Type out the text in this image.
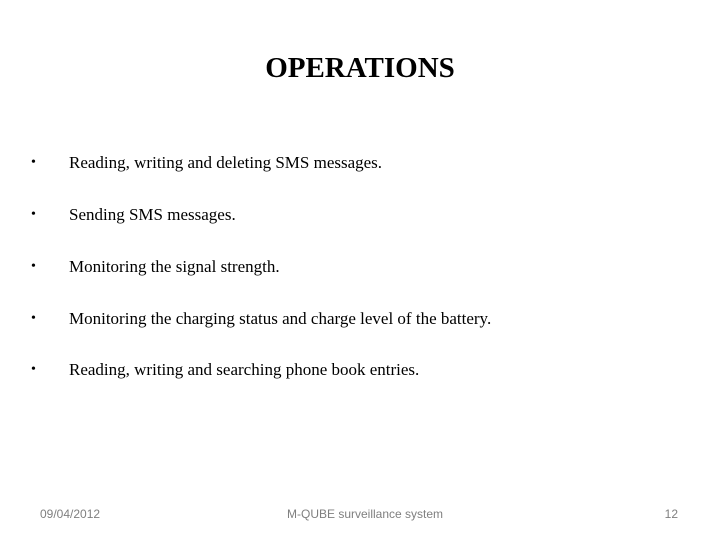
OPERATIONS
• Reading, writing and deleting SMS messages.
• Sending SMS messages.
• Monitoring the signal strength.
• Monitoring the charging status and charge level of the battery.
• Reading, writing and searching phone book entries.
09/04/2012	M-QUBE surveillance system	12
